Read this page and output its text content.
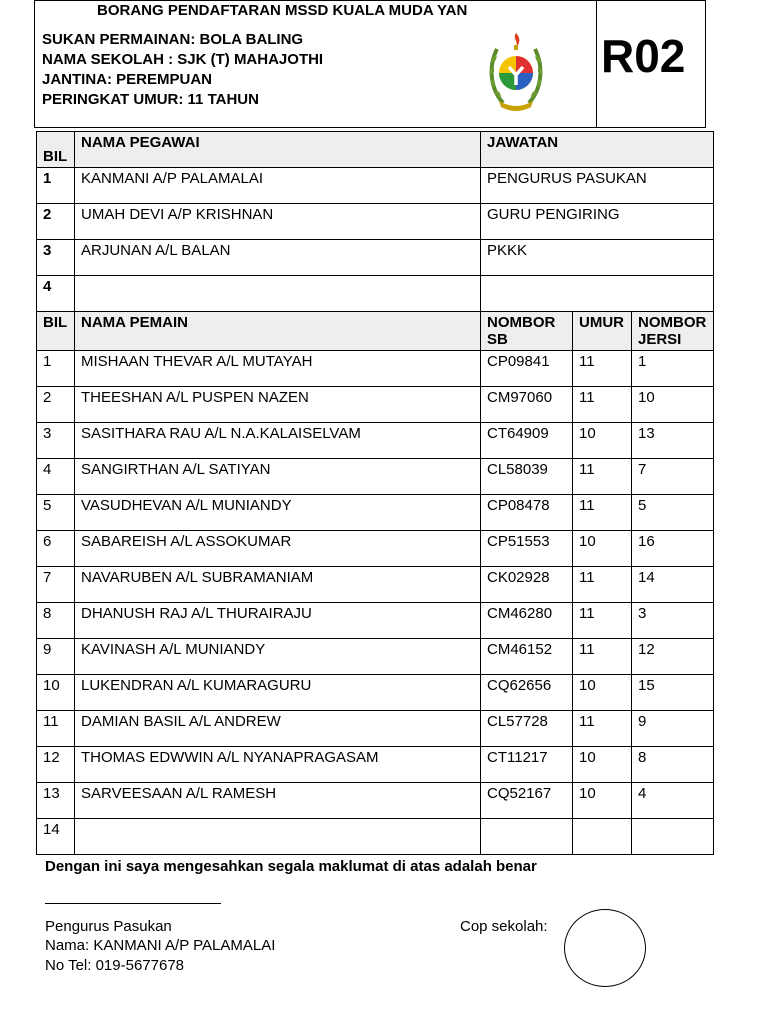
BORANG PENDAFTARAN MSSD KUALA MUDA YAN
SUKAN PERMAINAN: BOLA BALING
NAMA SEKOLAH : SJK (T) MAHAJOTHI
JANTINA: PEREMPUAN
PERINGKAT UMUR: 11 TAHUN
R02
BIL	NAMA PEGAWAI	JAWATAN		
1	KANMANI A/P PALAMALAI	PENGURUS PASUKAN		
2	UMAH DEVI A/P KRISHNAN	GURU PENGIRING		
3	ARJUNAN A/L BALAN	PKKK		
4				
BIL	NAMA PEMAIN	NOMBOR SB	UMUR	NOMBOR JERSI
1	MISHAAN THEVAR A/L MUTAYAH	CP09841	11	1
2	THEESHAN A/L PUSPEN NAZEN	CM97060	11	10
3	SASITHARA RAU A/L N.A.KALAISELVAM	CT64909	10	13
4	SANGIRTHAN A/L SATIYAN	CL58039	11	7
5	VASUDHEVAN A/L MUNIANDY	CP08478	11	5
6	SABAREISH A/L ASSOKUMAR	CP51553	10	16
7	NAVARUBEN A/L SUBRAMANIAM	CK02928	11	14
8	DHANUSH RAJ A/L THURAIRAJU	CM46280	11	3
9	KAVINASH A/L MUNIANDY	CM46152	11	12
10	LUKENDRAN A/L KUMARAGURU	CQ62656	10	15
11	DAMIAN BASIL A/L ANDREW	CL57728	11	9
12	THOMAS EDWWIN A/L NYANAPRAGASAM	CT11217	10	8
13	SARVEESAAN A/L RAMESH	CQ52167	10	4
14				
Dengan ini saya mengesahkan segala maklumat di atas adalah benar
Pengurus Pasukan
Nama: KANMANI A/P PALAMALAI
No Tel: 019-5677678
Cop sekolah:
